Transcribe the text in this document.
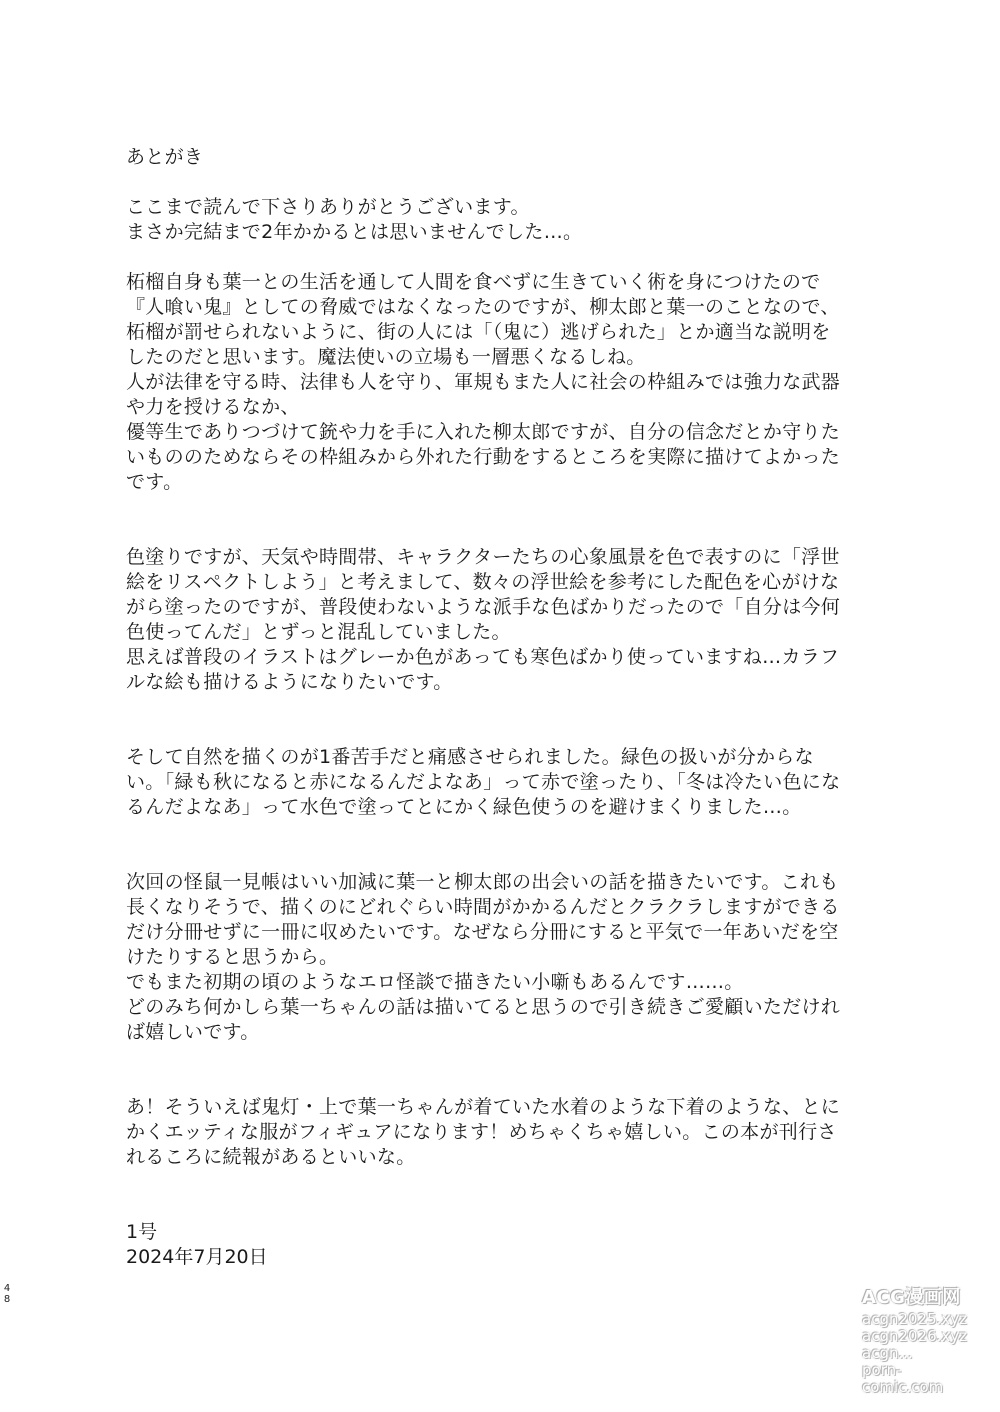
あとがき
ここまで読んで下さりありがとうございます。
まさか完結まで2年かかるとは思いませんでした…。
柘榴自身も葉一との生活を通して人間を食べずに生きていく術を身につけたので
『人喰い鬼』としての脅威ではなくなったのですが、柳太郎と葉一のことなので、
柘榴が罰せられないように、街の人には「（鬼に）逃げられた」とか適当な説明を
したのだと思います。魔法使いの立場も一層悪くなるしね。
人が法律を守る時、法律も人を守り、軍規もまた人に社会の枠組みでは強力な武器
や力を授けるなか、
優等生でありつづけて銃や力を手に入れた柳太郎ですが、自分の信念だとか守りた
いもののためならその枠組みから外れた行動をするところを実際に描けてよかった
です。
色塗りですが、天気や時間帯、キャラクターたちの心象風景を色で表すのに「浮世
絵をリスペクトしよう」と考えまして、数々の浮世絵を参考にした配色を心がけな
がら塗ったのですが、普段使わないような派手な色ばかりだったので「自分は今何
色使ってんだ」とずっと混乱していました。
思えば普段のイラストはグレーか色があっても寒色ばかり使っていますね…カラフ
ルな絵も描けるようになりたいです。
そして自然を描くのが1番苦手だと痛感させられました。緑色の扱いが分からな
い。「緑も秋になると赤になるんだよなあ」って赤で塗ったり、「冬は冷たい色にな
るんだよなあ」って水色で塗ってとにかく緑色使うのを避けまくりました…。
次回の怪鼠一見帳はいい加減に葉一と柳太郎の出会いの話を描きたいです。これも
長くなりそうで、描くのにどれぐらい時間がかかるんだとクラクラしますができる
だけ分冊せずに一冊に収めたいです。なぜなら分冊にすると平気で一年あいだを空
けたりすると思うから。
でもまた初期の頃のようなエロ怪談で描きたい小噺もあるんです……。
どのみち何かしら葉一ちゃんの話は描いてると思うので引き続きご愛顧いただけれ
ば嬉しいです。
あ！そういえば鬼灯・上で葉一ちゃんが着ていた水着のような下着のような、とに
かくエッティな服がフィギュアになります！めちゃくちゃ嬉しい。この本が刊行さ
れるころに続報があるといいな。
1号
2024年7月20日
4
8	ACG漫画网
acgn2025.xyz
acgn2026.xyz
acgn...
porn-comic.com
